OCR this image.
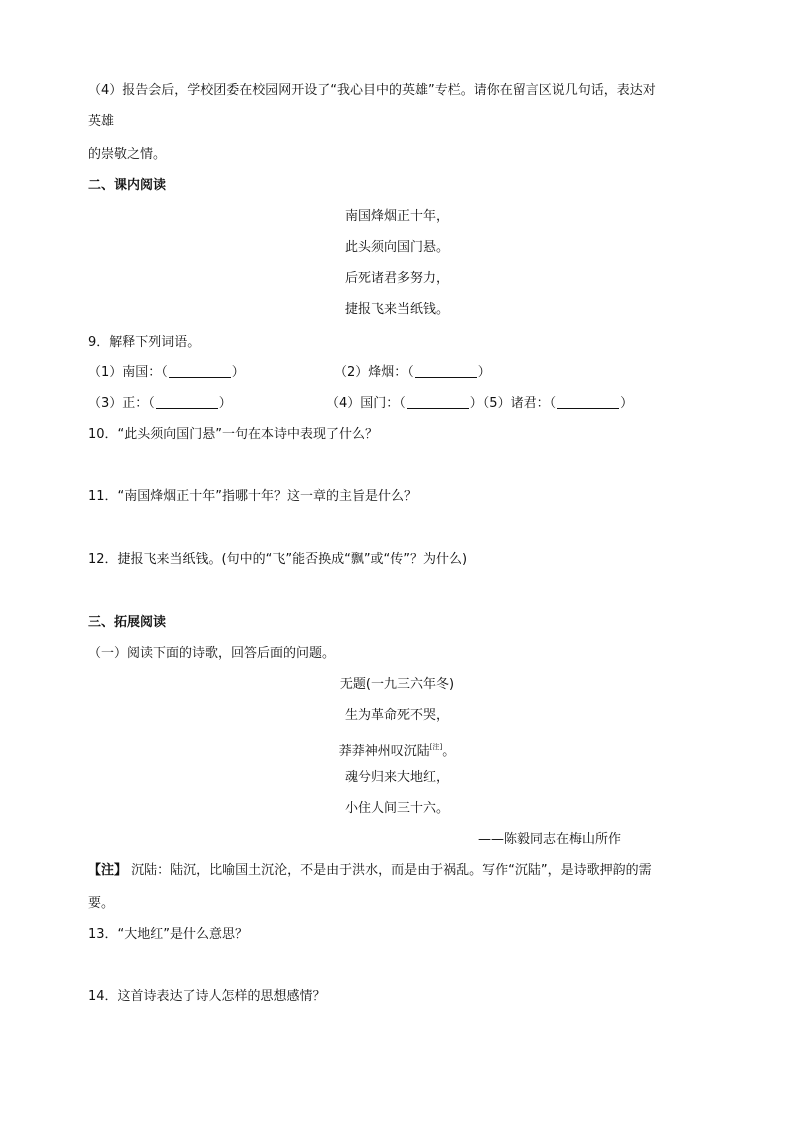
（4）报告会后，学校团委在校园网开设了“我心目中的英雄”专栏。请你在留言区说几句话，表达对
英雄
的崇敬之情。
二、课内阅读
南国烽烟正十年，
此头须向国门悬。
后死诸君多努力，
捷报飞来当纸钱。
9．解释下列词语。
（1）南国：（	）	（2）烽烟：（	）
（3）正：（	）	（4）国门：（	）（5）诸君：（	）
10．“此头须向国门悬”一句在本诗中表现了什么？
11．“南国烽烟正十年”指哪十年？这一章的主旨是什么？
12．捷报飞来当纸钱。(句中的“飞”能否换成“飘”或“传”？为什么)
三、拓展阅读
（一）阅读下面的诗歌，回答后面的问题。
无题(一九三六年冬)
生为革命死不哭，
莽莽神州叹沉陆[注]。
魂兮归来大地红，
小住人间三十六。
——陈毅同志在梅山所作
【注】 沉陆：陆沉，比喻国土沉沦，不是由于洪水，而是由于祸乱。写作“沉陆”，是诗歌押韵的需
要。
13．“大地红”是什么意思？
14．这首诗表达了诗人怎样的思想感情？
